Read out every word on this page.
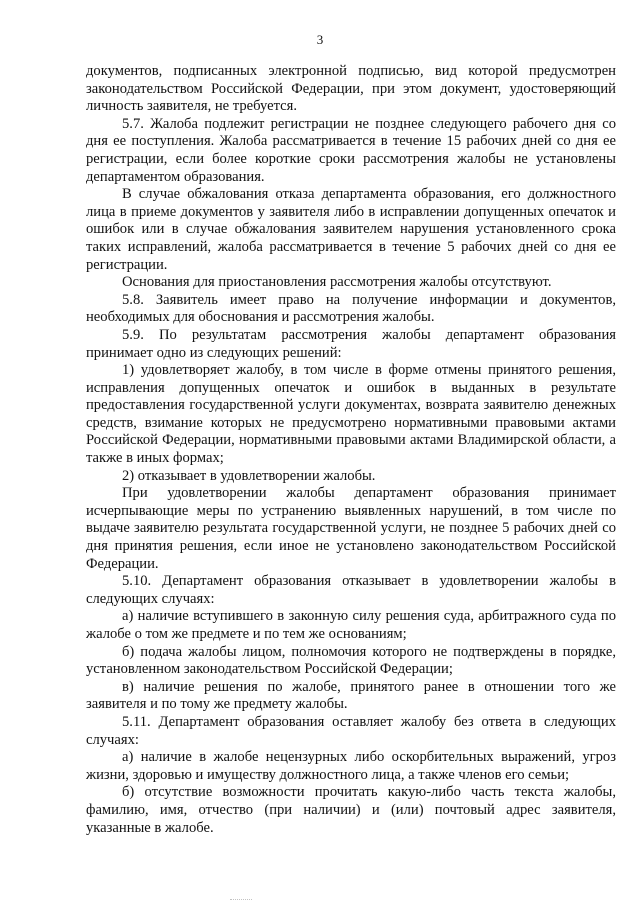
3

документов, подписанных электронной подписью, вид которой предусмотрен законодательством Российской Федерации, при этом документ, удостоверяющий личность заявителя, не требуется.

5.7. Жалоба подлежит регистрации не позднее следующего рабочего дня со дня ее поступления. Жалоба рассматривается в течение 15 рабочих дней со дня ее регистрации, если более короткие сроки рассмотрения жалобы не установлены департаментом образования.

В случае обжалования отказа департамента образования, его должностного лица в приеме документов у заявителя либо в исправлении допущенных опечаток и ошибок или в случае обжалования заявителем нарушения установленного срока таких исправлений, жалоба рассматривается в течение 5 рабочих дней со дня ее регистрации.

Основания для приостановления рассмотрения жалобы отсутствуют.

5.8. Заявитель имеет право на получение информации и документов, необходимых для обоснования и рассмотрения жалобы.

5.9. По результатам рассмотрения жалобы департамент образования принимает одно из следующих решений:

1) удовлетворяет жалобу, в том числе в форме отмены принятого решения, исправления допущенных опечаток и ошибок в выданных в результате предоставления государственной услуги документах, возврата заявителю денежных средств, взимание которых не предусмотрено нормативными правовыми актами Российской Федерации, нормативными правовыми актами Владимирской области, а также в иных формах;

2) отказывает в удовлетворении жалобы.

При удовлетворении жалобы департамент образования принимает исчерпывающие меры по устранению выявленных нарушений, в том числе по выдаче заявителю результата государственной услуги, не позднее 5 рабочих дней со дня принятия решения, если иное не установлено законодательством Российской Федерации.

5.10. Департамент образования отказывает в удовлетворении жалобы в следующих случаях:

а) наличие вступившего в законную силу решения суда, арбитражного суда по жалобе о том же предмете и по тем же основаниям;

б) подача жалобы лицом, полномочия которого не подтверждены в порядке, установленном законодательством Российской Федерации;

в) наличие решения по жалобе, принятого ранее в отношении того же заявителя и по тому же предмету жалобы.

5.11. Департамент образования оставляет жалобу без ответа в следующих случаях:

а) наличие в жалобе нецензурных либо оскорбительных выражений, угроз жизни, здоровью и имуществу должностного лица, а также членов его семьи;

б) отсутствие возможности прочитать какую-либо часть текста жалобы, фамилию, имя, отчество (при наличии) и (или) почтовый адрес заявителя, указанные в жалобе.
